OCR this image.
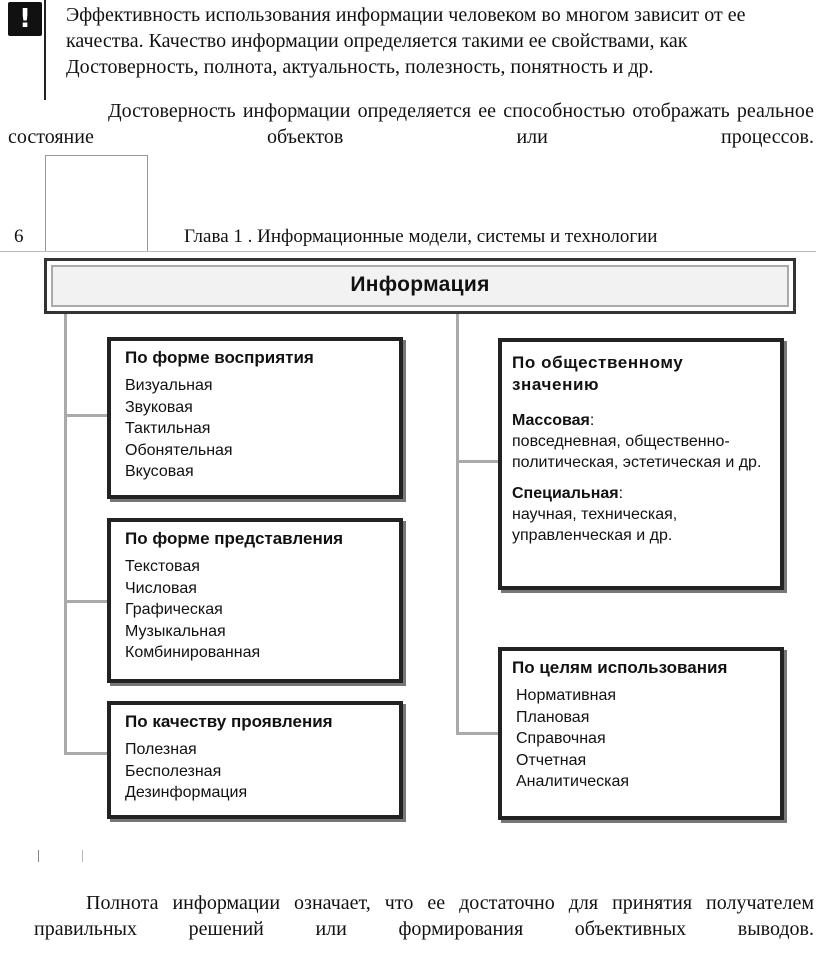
!	Эффективность использования информации человеком во многом зависит от ее качества. Качество информации определяется такими ее свойствами, как Достоверность, полнота, актуальность, полезность, понятность и др.
Достоверность информации определяется ее способностью отображать реальное состояние объектов или процессов.
6	Глава 1 . Информационные модели, системы и технологии
Информация
По форме восприятия
Визуальная
Звуковая
Тактильная
Обонятельная
Вкусовая
По форме представления
Текстовая
Числовая
Графическая
Музыкальная
Комбинированная
По качеству проявления
Полезная
Бесполезная
Дезинформация
По общественному
значению
Массовая:
повседневная, общественно-политическая, эстетическая и др.
Специальная:
научная, техническая, управленческая и др.
По целям использования
Нормативная
Плановая
Справочная
Отчетная
Аналитическая
Полнота информации означает, что ее достаточно для принятия получателем правильных решений или формирования объективных выводов.
